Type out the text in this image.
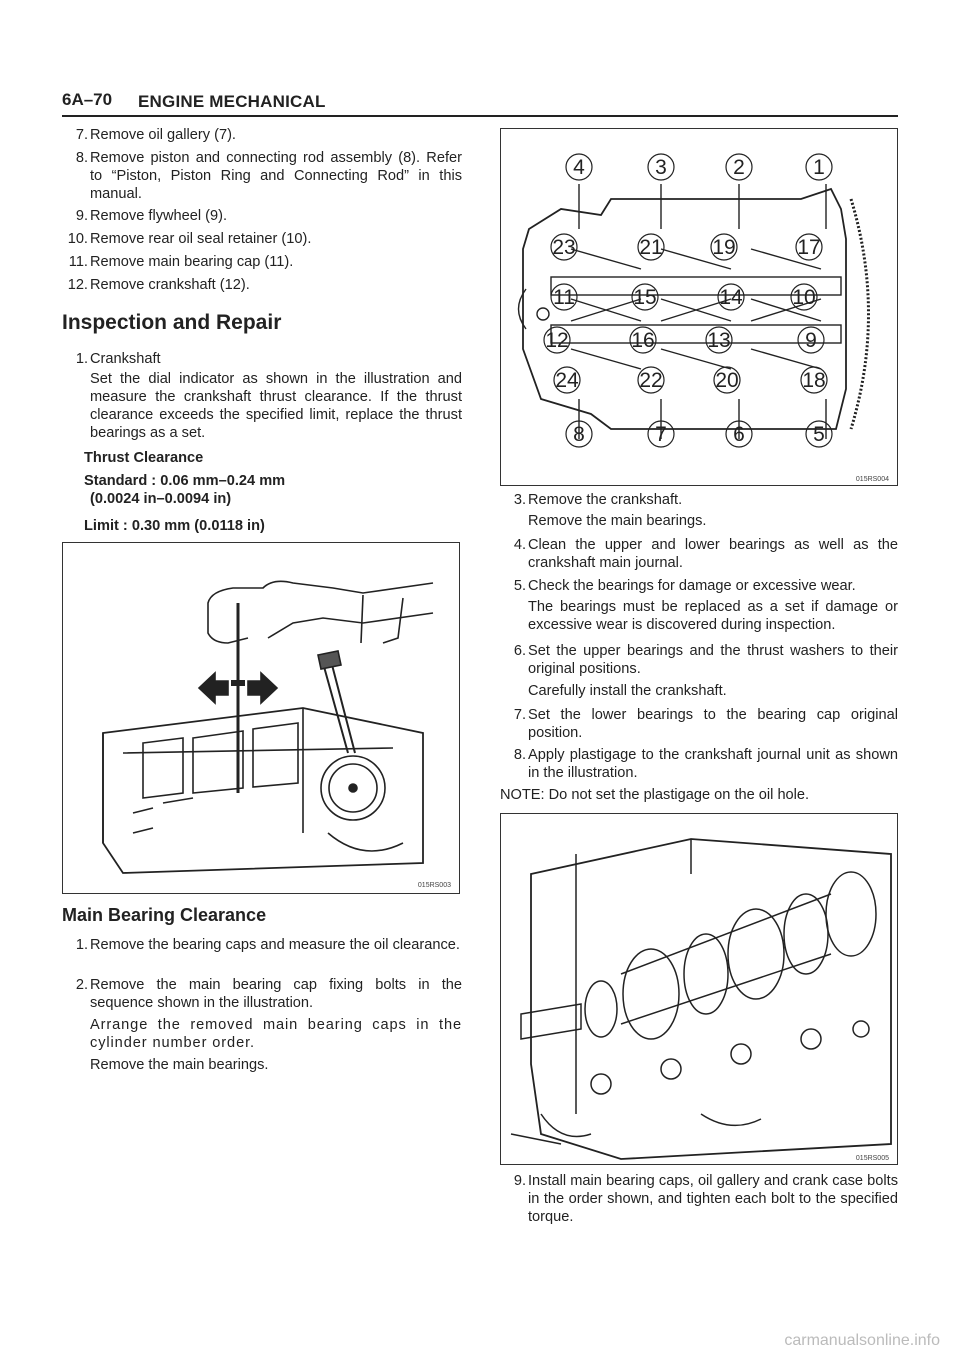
6A–70 ENGINE MECHANICAL
7. Remove oil gallery (7).
8. Remove piston and connecting rod assembly (8). Refer to “Piston, Piston Ring and Connecting Rod” in this manual.
9. Remove flywheel (9).
10. Remove rear oil seal retainer (10).
11. Remove main bearing cap (11).
12. Remove crankshaft (12).
Inspection and Repair
1. Crankshaft
Set the dial indicator as shown in the illustration and measure the crankshaft thrust clearance. If the thrust clearance exceeds the specified limit, replace the thrust bearings as a set.
Thrust Clearance
Standard : 0.06 mm–0.24 mm
(0.0024 in–0.0094 in)
Limit : 0.30 mm (0.0118 in)
015RS003
Main Bearing Clearance
1. Remove the bearing caps and measure the oil clearance.
2. Remove the main bearing cap fixing bolts in the sequence shown in the illustration.
Arrange the removed main bearing caps in the cylinder number order.
Remove the main bearings.
4	3	2	1
23	21 19	17
11	15	14 10
12	16	13	9
24	22	20	18
8	7	6	5
015RS004
3. Remove the crankshaft.
Remove the main bearings.
4. Clean the upper and lower bearings as well as the crankshaft main journal.
5. Check the bearings for damage or excessive wear.
The bearings must be replaced as a set if damage or excessive wear is discovered during inspection.
6. Set the upper bearings and the thrust washers to their original positions.
Carefully install the crankshaft.
7. Set the lower bearings to the bearing cap original position.
8. Apply plastigage to the crankshaft journal unit as shown in the illustration.
NOTE: Do not set the plastigage on the oil hole.
015RS005
9. Install main bearing caps, oil gallery and crank case bolts in the order shown, and tighten each bolt to the specified torque.
carmanualsonline.info
